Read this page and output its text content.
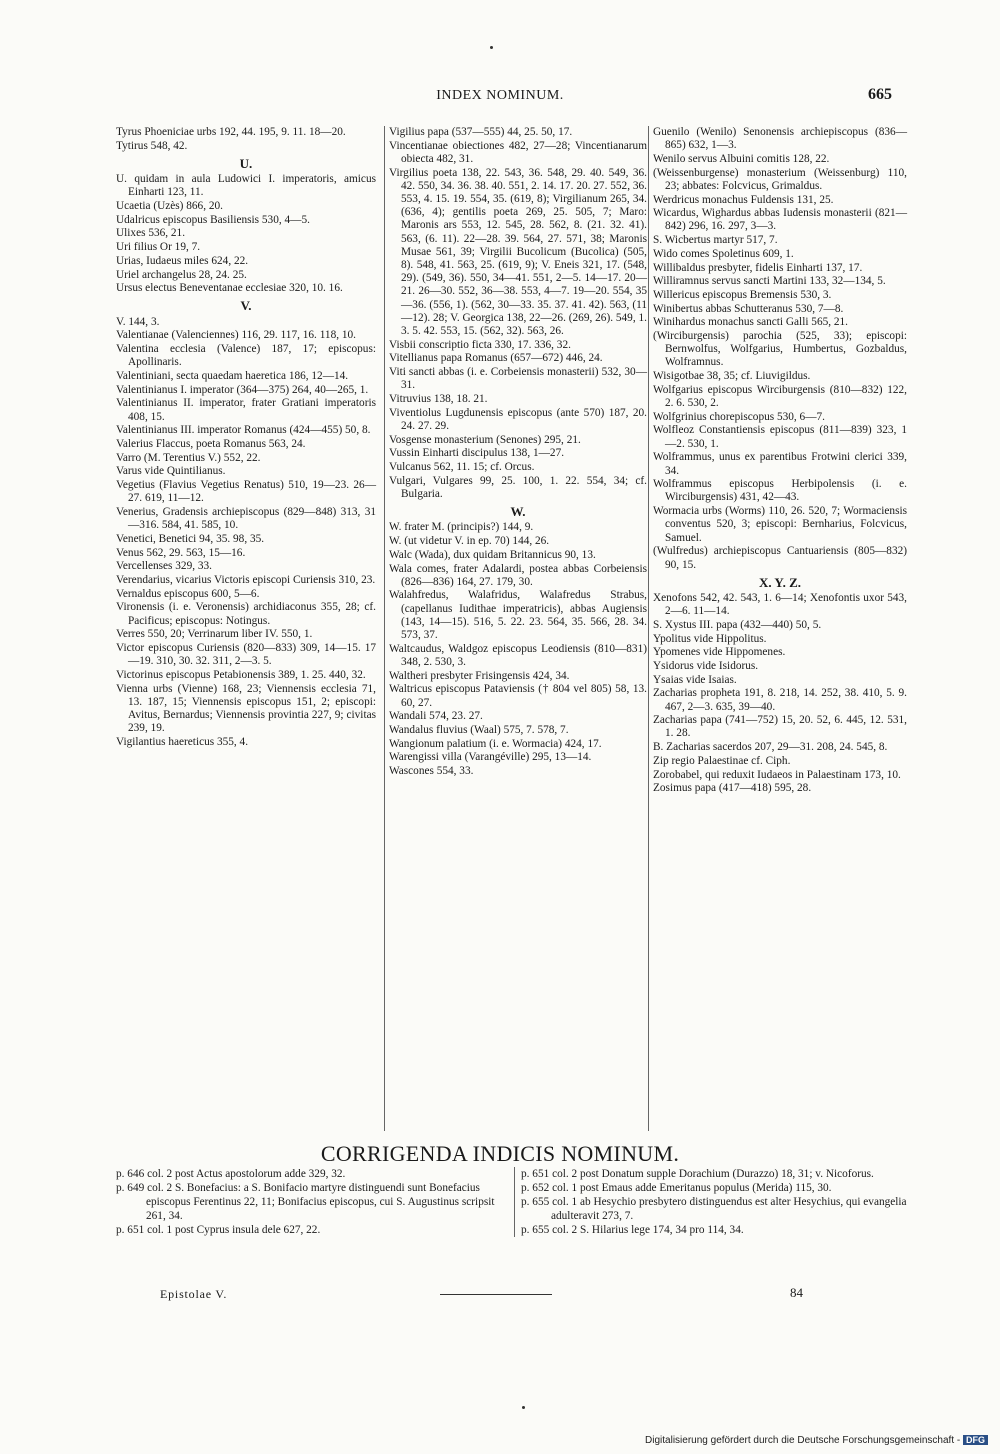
INDEX NOMINUM.	665
Tyrus Phoeniciae urbs 192, 44. 195, 9. 11. 18—20.
Tytirus 548, 42.
U.
U. quidam in aula Ludowici I. imperatoris, amicus Einharti 123, 11.
Ucaetia (Uzès) 866, 20.
Udalricus episcopus Basiliensis 530, 4—5.
Ulixes 536, 21.
Uri filius Or 19, 7.
Urias, Iudaeus miles 624, 22.
Uriel archangelus 28, 24. 25.
Ursus electus Beneventanae ecclesiae 320, 10. 16.
V.
V. 144, 3.
Valentianae (Valenciennes) 116, 29. 117, 16. 118, 10.
Valentina ecclesia (Valence) 187, 17; episcopus: Apollinaris.
Valentiniani, secta quaedam haeretica 186, 12—14.
Valentinianus I. imperator (364—375) 264, 40—265, 1.
Valentinianus II. imperator, frater Gratiani imperatoris 408, 15.
Valentinianus III. imperator Romanus (424—455) 50, 8.
Valerius Flaccus, poeta Romanus 563, 24.
Varro (M. Terentius V.) 552, 22.
Varus vide Quintilianus.
Vegetius (Flavius Vegetius Renatus) 510, 19—23. 26—27. 619, 11—12.
Venerius, Gradensis archiepiscopus (829—848) 313, 31—316. 584, 41. 585, 10.
Venetici, Benetici 94, 35. 98, 35.
Venus 562, 29. 563, 15—16.
Vercellenses 329, 33.
Verendarius, vicarius Victoris episcopi Curiensis 310, 23.
Vernaldus episcopus 600, 5—6.
Vironensis (i. e. Veronensis) archidiaconus 355, 28; cf. Pacificus; episcopus: Notingus.
Verres 550, 20; Verrinarum liber IV. 550, 1.
Victor episcopus Curiensis (820—833) 309, 14—15. 17—19. 310, 30. 32. 311, 2—3. 5.
Victorinus episcopus Petabionensis 389, 1. 25. 440, 32.
Vienna urbs (Vienne) 168, 23; Viennensis ecclesia 71, 13. 187, 15; Viennensis episcopus 151, 2; episcopi: Avitus, Bernardus; Viennensis provintia 227, 9; civitas 239, 19.
Vigilantius haereticus 355, 4.
Vigilius papa (537—555) 44, 25. 50, 17.
Vincentianae obiectiones 482, 27—28; Vincentianarum obiecta 482, 31.
Virgilius poeta 138, 22. 543, 36. 548, 29. 40. 549, 36. 42. 550, 34. 36. 38. 40. 551, 2. 14. 17. 20. 27. 552, 36. 553, 4. 15. 19. 554, 35. (619, 8); Virgilianum 265, 34. (636, 4); gentilis poeta 269, 25. 505, 7; Maro: Maronis ars 553, 12. 545, 28. 562, 8. (21. 32. 41). 563, (6. 11). 22—28. 39. 564, 27. 571, 38; Maronis Musae 561, 39; Virgilii Bucolicum (Bucolica) (505, 8). 548, 41. 563, 25. (619, 9); V. Eneis 321, 17. (548, 29). (549, 36). 550, 34—41. 551, 2—5. 14—17. 20—21. 26—30. 552, 36—38. 553, 4—7. 19—20. 554, 35—36. (556, 1). (562, 30—33. 35. 37. 41. 42). 563, (11—12). 28; V. Georgica 138, 22—26. (269, 26). 549, 1. 3. 5. 42. 553, 15. (562, 32). 563, 26.
Visbii conscriptio ficta 330, 17. 336, 32.
Vitellianus papa Romanus (657—672) 446, 24.
Viti sancti abbas (i. e. Corbeiensis monasterii) 532, 30—31.
Vitruvius 138, 18. 21.
Viventiolus Lugdunensis episcopus (ante 570) 187, 20. 24. 27. 29.
Vosgense monasterium (Senones) 295, 21.
Vussin Einharti discipulus 138, 1—27.
Vulcanus 562, 11. 15; cf. Orcus.
Vulgari, Vulgares 99, 25. 100, 1. 22. 554, 34; cf. Bulgaria.
W.
W. frater M. (principis?) 144, 9.
W. (ut videtur V. in ep. 70) 144, 26.
Walc (Wada), dux quidam Britannicus 90, 13.
Wala comes, frater Adalardi, postea abbas Corbeiensis (826—836) 164, 27. 179, 30.
Walahfredus, Walafridus, Walafredus Strabus, (capellanus Iudithae imperatricis), abbas Augiensis (143, 14—15). 516, 5. 22. 23. 564, 35. 566, 28. 34. 573, 37.
Waltcaudus, Waldgoz episcopus Leodiensis (810—831) 348, 2. 530, 3.
Waltheri presbyter Frisingensis 424, 34.
Waltricus episcopus Pataviensis († 804 vel 805) 58, 13. 60, 27.
Wandali 574, 23. 27.
Wandalus fluvius (Waal) 575, 7. 578, 7.
Wangionum palatium (i. e. Wormacia) 424, 17.
Warengissi villa (Varangéville) 295, 13—14.
Wascones 554, 33.
Guenilo (Wenilo) Senonensis archiepiscopus (836—865) 632, 1—3.
Wenilo servus Albuini comitis 128, 22.
(Weissenburgense) monasterium (Weissenburg) 110, 23; abbates: Folcvicus, Grimaldus.
Werdricus monachus Fuldensis 131, 25.
Wicardus, Wighardus abbas Iudensis monasterii (821—842) 296, 16. 297, 3—3.
S. Wicbertus martyr 517, 7.
Wido comes Spoletinus 609, 1.
Willibaldus presbyter, fidelis Einharti 137, 17.
Williramnus servus sancti Martini 133, 32—134, 5.
Willericus episcopus Bremensis 530, 3.
Winibertus abbas Schutteranus 530, 7—8.
Winihardus monachus sancti Galli 565, 21.
(Wirciburgensis) parochia (525, 33); episcopi: Bernwolfus, Wolfgarius, Humbertus, Gozbaldus, Wolframnus.
Wisigotbae 38, 35; cf. Liuvigildus.
Wolfgarius episcopus Wirciburgensis (810—832) 122, 2. 6. 530, 2.
Wolfgrinius chorepiscopus 530, 6—7.
Wolfleoz Constantiensis episcopus (811—839) 323, 1—2. 530, 1.
Wolframmus, unus ex parentibus Frotwini clerici 339, 34.
Wolframmus episcopus Herbipolensis (i. e. Wirciburgensis) 431, 42—43.
Wormacia urbs (Worms) 110, 26. 520, 7; Wormaciensis conventus 520, 3; episcopi: Bernharius, Folcvicus, Samuel.
(Wulfredus) archiepiscopus Cantuariensis (805—832) 90, 15.
X. Y. Z.
Xenofons 542, 42. 543, 1. 6—14; Xenofontis uxor 543, 2—6. 11—14.
S. Xystus III. papa (432—440) 50, 5.
Ypolitus vide Hippolitus.
Ypomenes vide Hippomenes.
Ysidorus vide Isidorus.
Ysaias vide Isaias.
Zacharias propheta 191, 8. 218, 14. 252, 38. 410, 5. 9. 467, 2—3. 635, 39—40.
Zacharias papa (741—752) 15, 20. 52, 6. 445, 12. 531, 1. 28.
B. Zacharias sacerdos 207, 29—31. 208, 24. 545, 8.
Zip regio Palaestinae cf. Ciph.
Zorobabel, qui reduxit Iudaeos in Palaestinam 173, 10.
Zosimus papa (417—418) 595, 28.
CORRIGENDA INDICIS NOMINUM.
p. 646 col. 2 post Actus apostolorum adde 329, 32.
p. 649 col. 2 S. Bonefacius: a S. Bonifacio martyre distinguendi sunt Bonefacius episcopus Ferentinus 22, 11; Bonifacius episcopus, cui S. Augustinus scripsit 261, 34.
p. 651 col. 1 post Cyprus insula dele 627, 22.
p. 651 col. 2 post Donatum supple Dorachium (Durazzo) 18, 31; v. Nicoforus.
p. 652 col. 1 post Emaus adde Emeritanus populus (Merida) 115, 30.
p. 655 col. 1 ab Hesychio presbytero distinguendus est alter Hesychius, qui evangelia adulteravit 273, 7.
p. 655 col. 2 S. Hilarius lege 174, 34 pro 114, 34.
Epistolae V.	84
Digitalisierung gefördert durch die Deutsche Forschungsgemeinschaft - DFG
